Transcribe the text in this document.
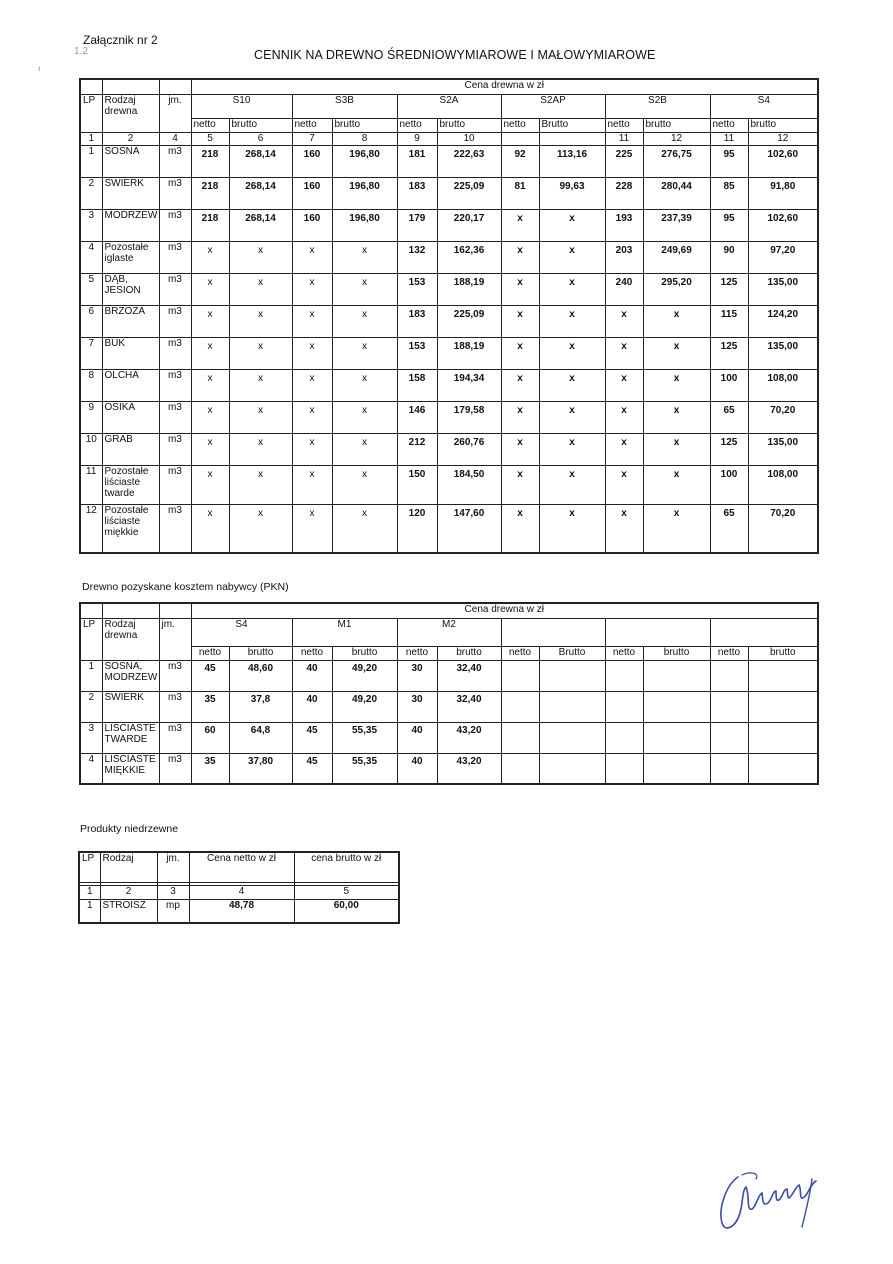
Załącznik nr 2
1.2
ı
CENNIK NA DREWNO ŚREDNIOWYMIAROWE I MAŁOWYMIAROWE
			Cena drewna w zł											
LP	Rodzaj drewna	jm.	S10		S3B		S2A		S2AP		S2B		S4	
			netto	brutto	netto	brutto	netto	brutto	netto	Brutto	netto	brutto	netto	brutto
1	2	4	5	6	7	8	9	10			11	12	11	12
1	SOSNA	m3	218	268,14	160	196,80	181	222,63	92	113,16	225	276,75	95	102,60
2	ŚWIERK	m3	218	268,14	160	196,80	183	225,09	81	99,63	228	280,44	85	91,80
3	MODRZEW	m3	218	268,14	160	196,80	179	220,17	x	x	193	237,39	95	102,60
4	Pozostałe iglaste	m3	x	x	x	x	132	162,36	x	x	203	249,69	90	97,20
5	DĄB, JESION	m3	x	x	x	x	153	188,19	x	x	240	295,20	125	135,00
6	BRZOZA	m3	x	x	x	x	183	225,09	x	x	x	x	115	124,20
7	BUK	m3	x	x	x	x	153	188,19	x	x	x	x	125	135,00
8	OLCHA	m3	x	x	x	x	158	194,34	x	x	x	x	100	108,00
9	OSIKA	m3	x	x	x	x	146	179,58	x	x	x	x	65	70,20
10	GRAB	m3	x	x	x	x	212	260,76	x	x	x	x	125	135,00
11	Pozostałe liściaste twarde	m3	x	x	x	x	150	184,50	x	x	x	x	100	108,00
12	Pozostałe liściaste miękkie	m3	x	x	x	x	120	147,60	x	x	x	x	65	70,20
Drewno pozyskane kosztem nabywcy (PKN)
			Cena drewna w zł											
LP	Rodzaj drewna	jm.	S4		M1		M2							
			netto	brutto	netto	brutto	netto	brutto	netto	Brutto	netto	brutto	netto	brutto
1	SOSNA, MODRZEW	m3	45	48,60	40	49,20	30	32,40						
2	ŚWIERK	m3	35	37,8	40	49,20	30	32,40						
3	LIŚCIASTE TWARDE	m3	60	64,8	45	55,35	40	43,20						
4	LIŚCIASTE MIĘKKIE	m3	35	37,80	45	55,35	40	43,20						
Produkty niedrzewne
LP	Rodzaj	jm.	Cena netto w zł	cena brutto w zł

1	2	3	4	5
1	STROISZ	mp	48,78	60,00
